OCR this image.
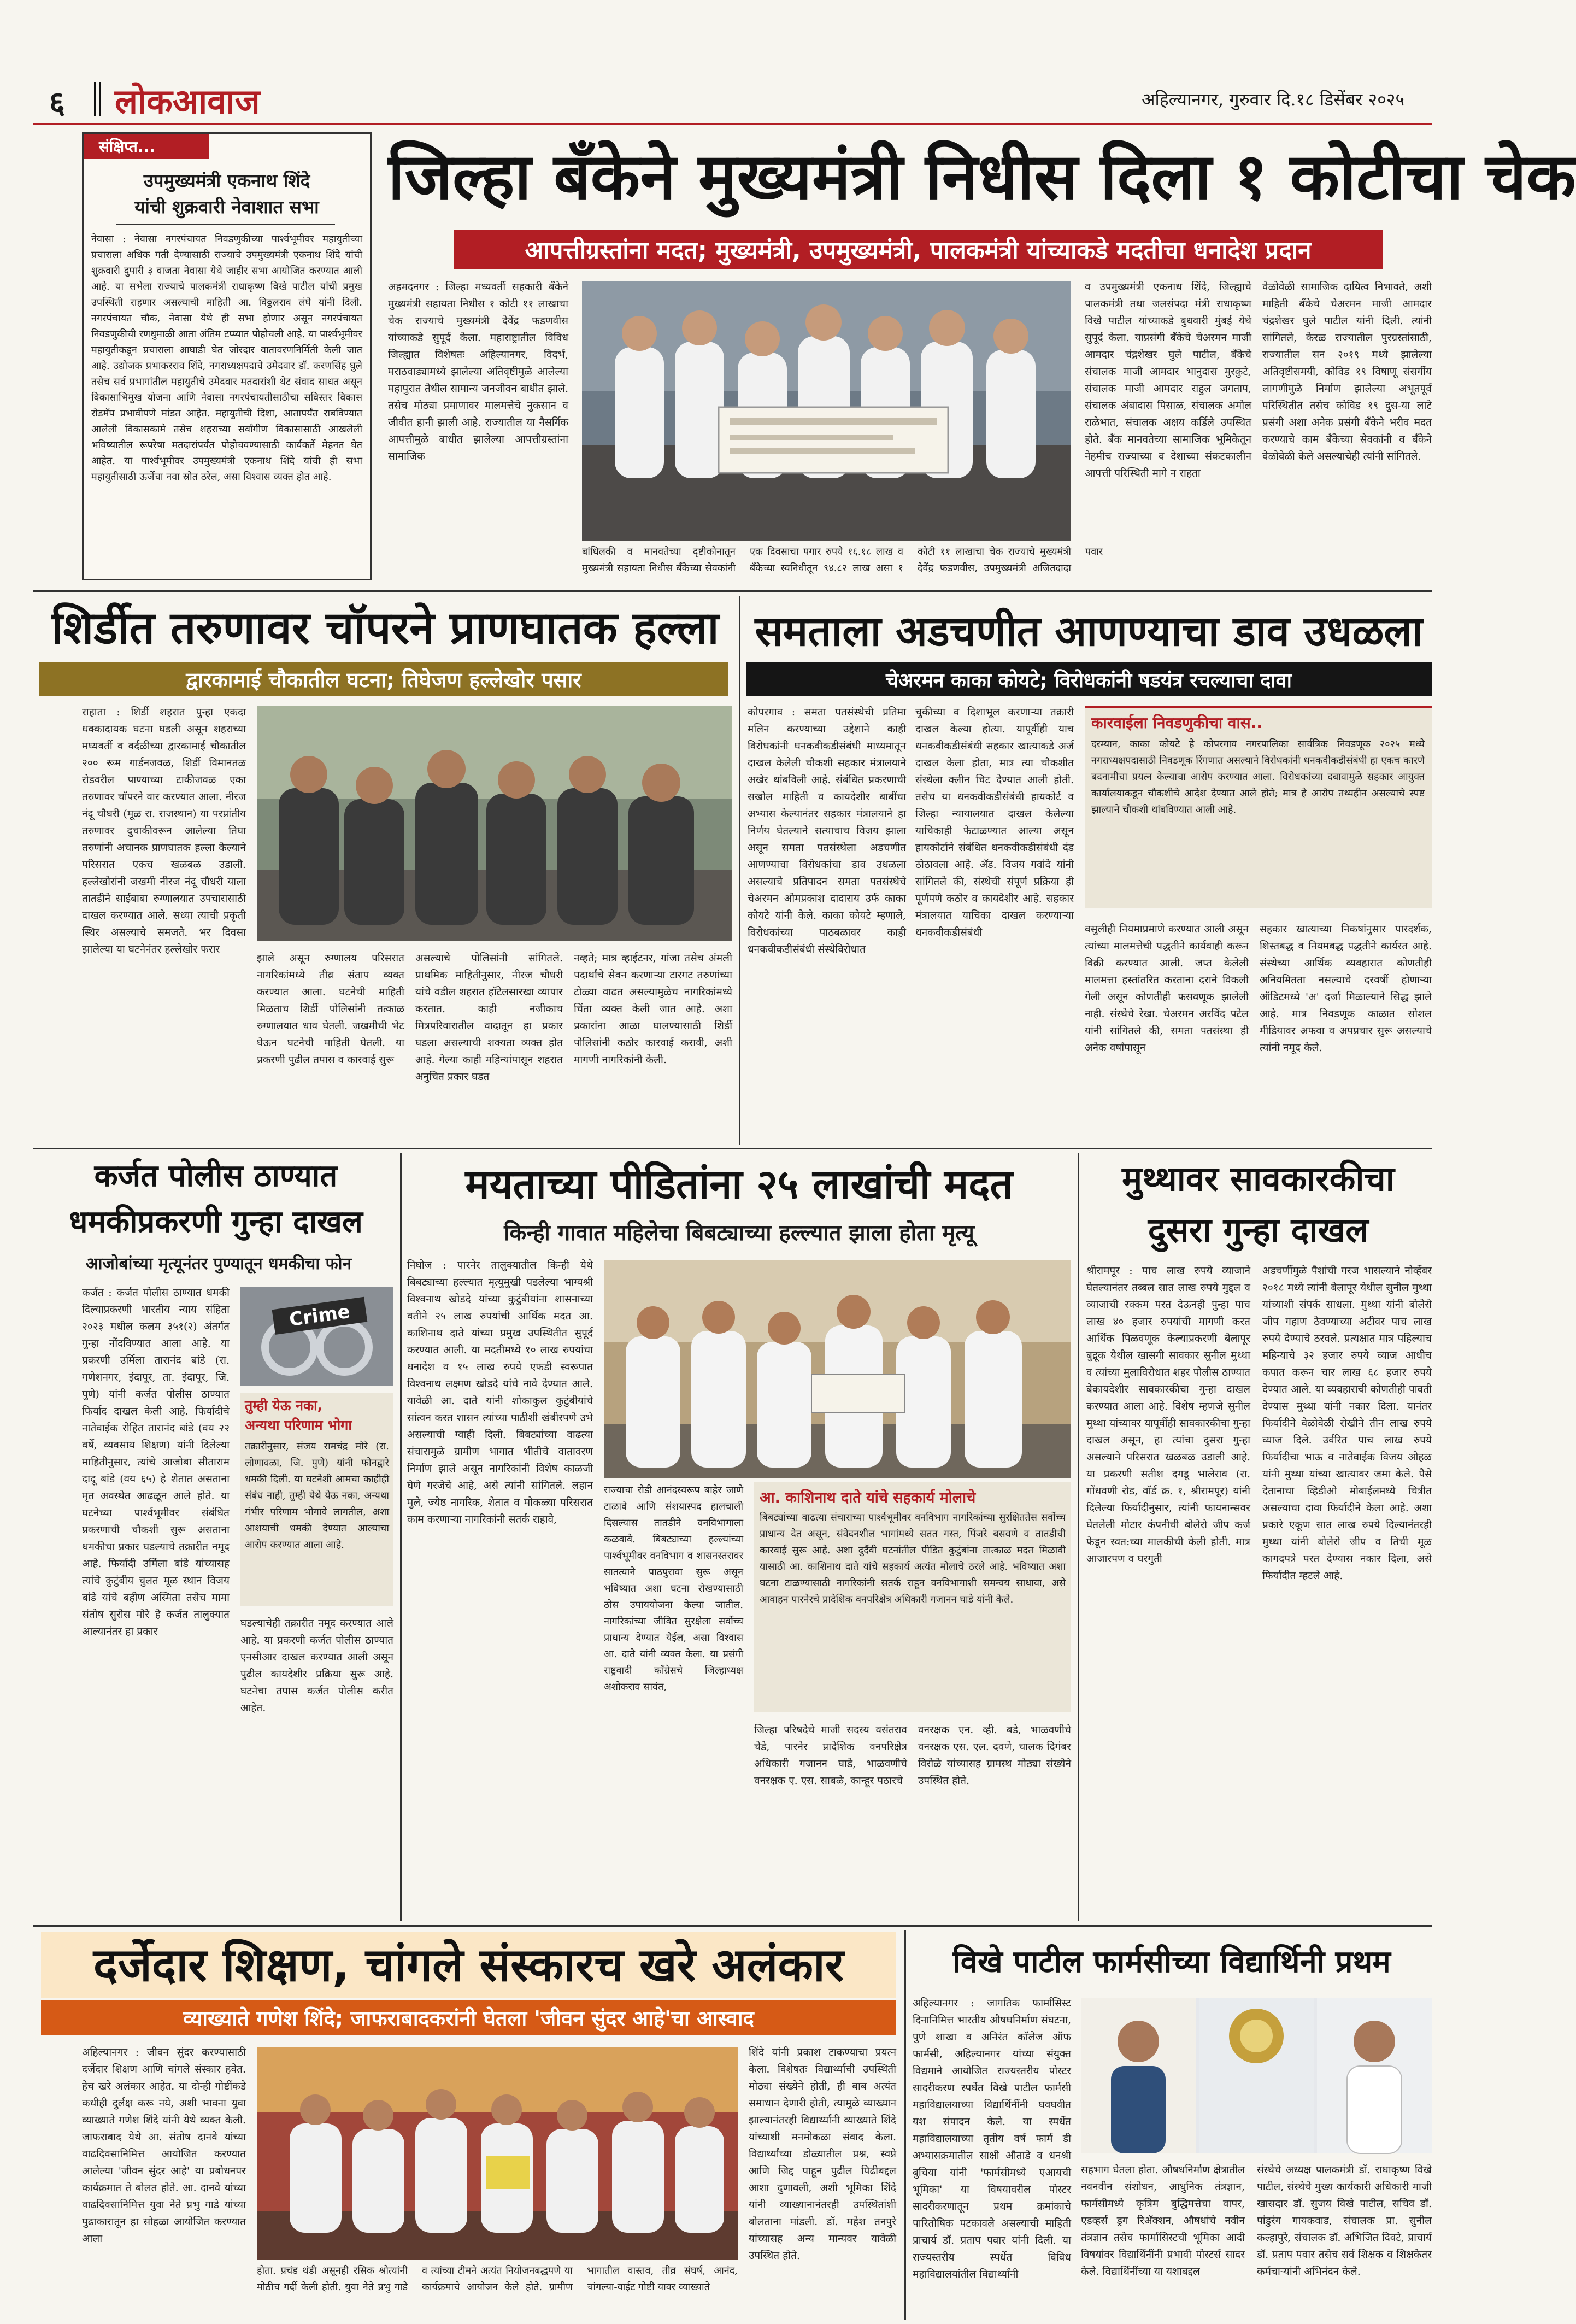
६ लोकआवाज	अहिल्यानगर, गुरुवार दि.१८ डिसेंबर २०२५
संक्षिप्त...
उपमुख्यमंत्री एकनाथ शिंदे
यांची शुक्रवारी नेवाशात सभा
नेवासा : नेवासा नगरपंचायत निवडणुकीच्या पार्श्वभूमीवर महायुतीच्या प्रचाराला अधिक गती देण्यासाठी राज्याचे उपमुख्यमंत्री एकनाथ शिंदे यांची शुक्रवारी दुपारी ३ वाजता नेवासा येथे जाहीर सभा आयोजित करण्यात आली आहे. या सभेला राज्याचे पालकमंत्री राधाकृष्ण विखे पाटील यांची प्रमुख उपस्थिती राहणार असल्याची माहिती आ. विठ्ठलराव लंघे यांनी दिली. नगरपंचायत चौक, नेवासा येथे ही सभा होणार असून नगरपंचायत निवडणुकीची रणधुमाळी आता अंतिम टप्प्यात पोहोचली आहे. या पार्श्वभूमीवर महायुतीकडून प्रचाराला आघाडी घेत जोरदार वातावरणनिर्मिती केली जात आहे. उद्योजक प्रभाकरराव शिंदे, नगराध्यक्षपदाचे उमेदवार डॉ. करणसिंह घुले तसेच सर्व प्रभागांतील महायुतीचे उमेदवार मतदारांशी थेट संवाद साधत असून विकासाभिमुख योजना आणि नेवासा नगरपंचायतीसाठीचा सविस्तर विकास रोडमॅप प्रभावीपणे मांडत आहेत. महायुतीची दिशा, आतापर्यंत राबविण्यात आलेली विकासकामे तसेच शहराच्या सर्वांगीण विकासासाठी आखलेली भविष्यातील रूपरेषा मतदारांपर्यंत पोहोचवण्यासाठी कार्यकर्ते मेहनत घेत आहेत. या पार्श्वभूमीवर उपमुख्यमंत्री एकनाथ शिंदे यांची ही सभा महायुतीसाठी ऊर्जेचा नवा स्रोत ठरेल, असा विश्वास व्यक्त होत आहे.
जिल्हा बँकेने मुख्यमंत्री निधीस दिला १ कोटीचा चेक
आपत्तीग्रस्तांना मदत; मुख्यमंत्री, उपमुख्यमंत्री, पालकमंत्री यांच्याकडे मदतीचा धनादेश प्रदान
अहमदनगर : जिल्हा मध्यवर्ती सहकारी बँकेने मुख्यमंत्री सहायता निधीस १ कोटी ११ लाखाचा चेक राज्याचे मुख्यमंत्री देवेंद्र फडणवीस यांच्याकडे सुपूर्द केला. महाराष्ट्रातील विविध जिल्ह्यात विशेषतः अहिल्यानगर, विदर्भ, मराठवाड्यामध्ये झालेल्या अतिवृष्टीमुळे आलेल्या महापुरात तेथील सामान्य जनजीवन बाधीत झाले. तसेच मोठ्या प्रमाणावर मालमत्तेचे नुकसान व जीवीत हानी झाली आहे. राज्यातील या नैसर्गिक आपत्तीमुळे बाधीत झालेल्या आपत्तीग्रस्तांना सामाजिक
बांधिलकी व मानवतेच्या दृष्टीकोनातून मुख्यमंत्री सहायता निधीस बँकेच्या सेवकांनी एक दिवसाचा पगार रुपये १६.१८ लाख व बँकेच्या स्वनिधीतून ९४.८२ लाख असा १ कोटी ११ लाखाचा चेक राज्याचे मुख्यमंत्री देवेंद्र फडणवीस, उपमुख्यमंत्री अजितदादा पवार
व उपमुख्यमंत्री एकनाथ शिंदे, जिल्ह्याचे पालकमंत्री तथा जलसंपदा मंत्री राधाकृष्ण विखे पाटील यांच्याकडे बुधवारी मुंबई येथे सुपूर्द केला. याप्रसंगी बँकेचे चेअरमन माजी आमदार चंद्रशेखर घुले पाटील, बँकेचे संचालक माजी आमदार भानुदास मुरकुटे, संचालक माजी आमदार राहुल जगताप, संचालक अंबादास पिसाळ, संचालक अमोल राळेभात, संचालक अक्षय कर्डिले उपस्थित होते. बँक मानवतेच्या सामाजिक भूमिकेतून नेहमीच राज्याच्या व देशाच्या संकटकालीन आपत्ती परिस्थिती मागे न राहता
वेळोवेळी सामाजिक दायित्व निभावते, अशी माहिती बँकेचे चेअरमन माजी आमदार चंद्रशेखर घुले पाटील यांनी दिली. त्यांनी सांगितले, केरळ राज्यातील पुरग्रस्तांसाठी, राज्यातील सन २०१९ मध्ये झालेल्या अतिवृष्टीसमयी, कोविड १९ विषाणू संसर्गीय लागणीमुळे निर्माण झालेल्या अभूतपूर्व परिस्थितीत तसेच कोविड १९ दुस-या लाटे प्रसंगी अशा अनेक प्रसंगी बँकेने भरीव मदत करण्याचे काम बँकेच्या सेवकांनी व बँकेने वेळोवेळी केले असल्याचेही त्यांनी सांगितले.
शिर्डीत तरुणावर चॉपरने प्राणघातक हल्ला
द्वारकामाई चौकातील घटना; तिघेजण हल्लेखोर पसार
राहाता : शिर्डी शहरात पुन्हा एकदा धक्कादायक घटना घडली असून शहराच्या मध्यवर्ती व वर्दळीच्या द्वारकामाई चौकातील २०० रूम गार्डनजवळ, शिर्डी विमानतळ रोडवरील पाण्याच्या टाकीजवळ एका तरुणावर चॉपरने वार करण्यात आला. नीरज नंदू चौधरी (मूळ रा. राजस्थान) या परप्रांतीय तरुणावर दुचाकीवरून आलेल्या तिघा तरुणांनी अचानक प्राणघातक हल्ला केल्याने परिसरात एकच खळबळ उडाली. हल्लेखोरांनी जखमी नीरज नंदू चौधरी याला तातडीने साईबाबा रुग्णालयात उपचारासाठी दाखल करण्यात आले. सध्या त्याची प्रकृती स्थिर असल्याचे समजते. भर दिवसा झालेल्या या घटनेनंतर हल्लेखोर फरार
झाले असून रुग्णालय परिसरात नागरिकांमध्ये तीव्र संताप व्यक्त करण्यात आला. घटनेची माहिती मिळताच शिर्डी पोलिसांनी तत्काळ रुग्णालयात धाव घेतली. जखमीची भेट घेऊन घटनेची माहिती घेतली. या प्रकरणी पुढील तपास व कारवाई सुरू
असल्याचे पोलिसांनी सांगितले. प्राथमिक माहितीनुसार, नीरज चौधरी यांचे वडील शहरात हॉटेलसारखा व्यापार करतात. काही नजीकाच मित्रपरिवारातील वादातून हा प्रकार घडला असल्याची शक्यता व्यक्त होत आहे. गेल्या काही महिन्यांपासून शहरात अनुचित प्रकार घडत
नव्हते; मात्र व्हाईटनर, गांजा तसेच अंमली पदार्थांचे सेवन करणाऱ्या टारगट तरुणांच्या टोळ्या वाढत असल्यामुळेच नागरिकांमध्ये चिंता व्यक्त केली जात आहे. अशा प्रकारांना आळा घालण्यासाठी शिर्डी पोलिसांनी कठोर कारवाई करावी, अशी मागणी नागरिकांनी केली.
समताला अडचणीत आणण्याचा डाव उधळला
चेअरमन काका कोयटे; विरोधकांनी षडयंत्र रचल्याचा दावा
कोपरगाव : समता पतसंस्थेची प्रतिमा मलिन करण्याच्या उद्देशाने काही विरोधकांनी धनकवीकडीसंबंधी माध्यमातून दाखल केलेली चौकशी सहकार मंत्रालयाने अखेर थांबविली आहे. संबंधित प्रकरणाची सखोल माहिती व कायदेशीर बाबींचा अभ्यास केल्यानंतर सहकार मंत्रालयाने हा निर्णय घेतल्याने सत्याचाच विजय झाला असून समता पतसंस्थेला अडचणीत आणण्याचा विरोधकांचा डाव उधळला असल्याचे प्रतिपादन समता पतसंस्थेचे चेअरमन ओमप्रकाश दादाराय उर्फ काका कोयटे यांनी केले. काका कोयटे म्हणाले, विरोधकांच्या पाठबळावर काही धनकवीकडीसंबंधी संस्थेविरोधात
चुकीच्या व दिशाभूल करणाऱ्या तक्रारी दाखल केल्या होत्या. यापूर्वीही याच धनकवीकडीसंबंधी सहकार खात्याकडे अर्ज दाखल केला होता, मात्र त्या चौकशीत संस्थेला क्लीन चिट देण्यात आली होती. तसेच या धनकवीकडीसंबंधी हायकोर्ट व जिल्हा न्यायालयात दाखल केलेल्या याचिकाही फेटाळण्यात आल्या असून हायकोर्टाने संबंधित धनकवीकडीसंबंधी दंड ठोठावला आहे. अ‍ॅड. विजय गवांदे यांनी सांगितले की, संस्थेची संपूर्ण प्रक्रिया ही पूर्णपणे कठोर व कायदेशीर आहे. सहकार मंत्रालयात याचिका दाखल करण्याऱ्या धनकवीकडीसंबंधी
कारवाईला निवडणुकीचा वास..
दरम्यान, काका कोयटे हे कोपरगाव नगरपालिका सार्वत्रिक निवडणूक २०२५ मध्ये नगराध्यक्षपदासाठी निवडणूक रिंगणात असल्याने विरोधकांनी धनकवीकडीसंबंधी हा एकच कारणे बदनामीचा प्रयत्न केल्याचा आरोप करण्यात आला. विरोधकांच्या दबावामुळे सहकार आयुक्त कार्यालयाकडून चौकशीचे आदेश देण्यात आले होते; मात्र हे आरोप तथ्यहीन असल्याचे स्पष्ट झाल्याने चौकशी थांबविण्यात आली आहे.
वसुलीही नियमाप्रमाणे करण्यात आली असून त्यांच्या मालमत्तेची पद्धतीने कार्यवाही करून विक्री करण्यात आली. जप्त केलेली मालमत्ता हस्तांतरित करताना दराने विकली गेली असून कोणतीही फसवणूक झालेली नाही. संस्थेचे रेखा. चेअरमन अरविंद पटेल यांनी सांगितले की, समता पतसंस्था ही अनेक वर्षांपासून
सहकार खात्याच्या निकषांनुसार पारदर्शक, शिस्तबद्ध व नियमबद्ध पद्धतीने कार्यरत आहे. संस्थेच्या आर्थिक व्यवहारात कोणतीही अनियमितता नसल्याचे दरवर्षी होणाऱ्या ऑडिटमध्ये 'अ' दर्जा मिळाल्याने सिद्ध झाले आहे. मात्र निवडणूक काळात सोशल मीडियावर अफवा व अपप्रचार सुरू असल्याचे त्यांनी नमूद केले.
कर्जत पोलीस ठाण्यात
धमकीप्रकरणी गुन्हा दाखल
आजोबांच्या मृत्यूनंतर पुण्यातून धमकीचा फोन
कर्जत : कर्जत पोलीस ठाण्यात धमकी दिल्याप्रकरणी भारतीय न्याय संहिता २०२३ मधील कलम ३५१(२) अंतर्गत गुन्हा नोंदविण्यात आला आहे. या प्रकरणी उर्मिला तारानंद बांडे (रा. गणेशनगर, इंदापूर, ता. इंदापूर, जि. पुणे) यांनी कर्जत पोलीस ठाण्यात फिर्याद दाखल केली आहे. फिर्यादीचे नातेवाईक रोहित तारानंद बांडे (वय २२ वर्षे, व्यवसाय शिक्षण) यांनी दिलेल्या माहितीनुसार, त्यांचे आजोबा सीताराम दादू बांडे (वय ६५) हे शेतात असताना मृत अवस्थेत आढळून आले होते. या घटनेच्या पार्श्वभूमीवर संबंधित प्रकरणाची चौकशी सुरू असताना धमकीचा प्रकार घडल्याचे तक्रारीत नमूद आहे. फिर्यादी उर्मिला बांडे यांच्यासह त्यांचे कुटुंबीय चुलत मूळ स्थान विजय बांडे यांचे बहीण अस्मिता तसेच मामा संतोष सुरोस मोरे हे कर्जत तालुक्यात आल्यानंतर हा प्रकार
Crime
तुम्ही येऊ नका,
अन्यथा परिणाम भोगा
तक्रारीनुसार, संजय रामचंद्र मोरे (रा. लोणावळा, जि. पुणे) यांनी फोनद्वारे धमकी दिली. या घटनेशी आमचा काहीही संबंध नाही, तुम्ही येथे येऊ नका, अन्यथा गंभीर परिणाम भोगावे लागतील, अशा आशयाची धमकी देण्यात आल्याचा आरोप करण्यात आला आहे.
घडल्याचेही तक्रारीत नमूद करण्यात आले आहे. या प्रकरणी कर्जत पोलीस ठाण्यात एनसीआर दाखल करण्यात आली असून पुढील कायदेशीर प्रक्रिया सुरू आहे. घटनेचा तपास कर्जत पोलीस करीत आहेत.
मयताच्या पीडितांना २५ लाखांची मदत
किन्ही गावात महिलेचा बिबट्याच्या हल्ल्यात झाला होता मृत्यू
निघोज : पारनेर तालुक्यातील किन्ही येथे बिबट्याच्या हल्ल्यात मृत्युमुखी पडलेल्या भाग्यश्री विश्वनाथ खोडदे यांच्या कुटुंबीयांना शासनाच्या वतीने २५ लाख रुपयांची आर्थिक मदत आ. काशिनाथ दाते यांच्या प्रमुख उपस्थितीत सुपूर्द करण्यात आली. या मदतीमध्ये १० लाख रुपयांचा धनादेश व १५ लाख रुपये एफडी स्वरूपात विश्वनाथ लक्ष्मण खोडदे यांचे नावे देण्यात आले. यावेळी आ. दाते यांनी शोकाकुल कुटुंबीयांचे सांत्वन करत शासन त्यांच्या पाठीशी खंबीरपणे उभे असल्याची ग्वाही दिली. बिबट्यांच्या वाढत्या संचारामुळे ग्रामीण भागात भीतीचे वातावरण निर्माण झाले असून नागरिकांनी विशेष काळजी घेणे गरजेचे आहे, असे त्यांनी सांगितले. लहान मुले, ज्येष्ठ नागरिक, शेतात व मोकळ्या परिसरात काम करणाऱ्या नागरिकांनी सतर्क राहावे,
राज्याचा रोडी आनंदस्वरूप बाहेर जाणे टाळावे आणि संशयास्पद हालचाली दिसल्यास तातडीने वनविभागाला कळवावे. बिबट्याच्या हल्ल्यांच्या पार्श्वभूमीवर वनविभाग व शासनस्तरावर सातत्याने पाठपुरावा सुरू असून भविष्यात अशा घटना रोखण्यासाठी ठोस उपाययोजना केल्या जातील. नागरिकांच्या जीवित सुरक्षेला सर्वोच्च प्राधान्य देण्यात येईल, असा विश्वास आ. दाते यांनी व्यक्त केला. या प्रसंगी राष्ट्रवादी काँग्रेसचे जिल्हाध्यक्ष अशोकराव सावंत,
आ. काशिनाथ दाते यांचे सहकार्य मोलाचे
बिबट्यांच्या वाढत्या संचाराच्या पार्श्वभूमीवर वनविभाग नागरिकांच्या सुरक्षिततेस सर्वोच्च प्राधान्य देत असून, संवेदनशील भागांमध्ये सतत गस्त, पिंजरे बसवणे व तातडीची कारवाई सुरू आहे. अशा दुर्दैवी घटनांतील पीडित कुटुंबांना तात्काळ मदत मिळावी यासाठी आ. काशिनाथ दाते यांचे सहकार्य अत्यंत मोलाचे ठरले आहे. भविष्यात अशा घटना टाळण्यासाठी नागरिकांनी सतर्क राहून वनविभागाशी समन्वय साधावा, असे आवाहन पारनेरचे प्रादेशिक वनपरिक्षेत्र अधिकारी गजानन घाडे यांनी केले.
जिल्हा परिषदेचे माजी सदस्य वसंतराव चेडे, पारनेर प्रादेशिक वनपरिक्षेत्र अधिकारी गजानन घाडे, भाळवणीचे वनरक्षक ए. एस. साबळे, कान्हूर पठारचे
वनरक्षक एन. व्ही. बडे, भाळवणीचे वनरक्षक एस. एल. दवणे, चालक दिगंबर विरोळे यांच्यासह ग्रामस्थ मोठ्या संख्येने उपस्थित होते.
मुथ्थावर सावकारकीचा
दुसरा गुन्हा दाखल
श्रीरामपूर : पाच लाख रुपये व्याजाने घेतल्यानंतर तब्बल सात लाख रुपये मुद्दल व व्याजाची रक्कम परत देऊनही पुन्हा पाच लाख ४० हजार रुपयांची मागणी करत आर्थिक पिळवणूक केल्याप्रकरणी बेलापूर बुद्रूक येथील खासगी सावकार सुनील मुथ्था व त्यांच्या मुलाविरोधात शहर पोलीस ठाण्यात बेकायदेशीर सावकारकीचा गुन्हा दाखल करण्यात आला आहे. विशेष म्हणजे सुनील मुथ्था यांच्यावर यापूर्वीही सावकारकीचा गुन्हा दाखल असून, हा त्यांचा दुसरा गुन्हा असल्याने परिसरात खळबळ उडाली आहे. या प्रकरणी सतीश दगडू भालेराव (रा. गोंधवणी रोड, वॉर्ड क्र. १, श्रीरामपूर) यांनी दिलेल्या फिर्यादीनुसार, त्यांनी फायनान्सवर घेतलेली मोटार कंपनीची बोलेरो जीप कर्ज फेडून स्वत:च्या मालकीची केली होती. मात्र आजारपण व घरगुती
अडचणींमुळे पैशांची गरज भासल्याने नोव्हेंबर २०१८ मध्ये त्यांनी बेलापूर येथील सुनील मुथ्था यांच्याशी संपर्क साधला. मुथ्था यांनी बोलेरो जीप गहाण ठेवण्याच्या अटीवर पाच लाख रुपये देण्याचे ठरवले. प्रत्यक्षात मात्र पहिल्याच महिन्याचे ३२ हजार रुपये व्याज आधीच कपात करून चार लाख ६८ हजार रुपये देण्यात आले. या व्यवहाराची कोणतीही पावती देण्यास मुथ्था यांनी नकार दिला. यानंतर फिर्यादीने वेळोवेळी रोखीने तीन लाख रुपये व्याज दिले. उर्वरित पाच लाख रुपये फिर्यादीचा भाऊ व नातेवाईक विजय ओहळ यांनी मुथ्था यांच्या खात्यावर जमा केले. पैसे देतानाचा व्हिडीओ मोबाईलमध्ये चित्रीत असल्याचा दावा फिर्यादीने केला आहे. अशा प्रकारे एकूण सात लाख रुपये दिल्यानंतरही मुथ्था यांनी बोलेरो जीप व तिची मूळ कागदपत्रे परत देण्यास नकार दिला, असे फिर्यादीत म्हटले आहे.
दर्जेदार शिक्षण, चांगले संस्कारच खरे अलंकार
व्याख्याते गणेश शिंदे; जाफराबादकरांनी घेतला 'जीवन सुंदर आहे'चा आस्वाद
अहिल्यानगर : जीवन सुंदर करण्यासाठी दर्जेदार शिक्षण आणि चांगले संस्कार हवेत. हेच खरे अलंकार आहेत. या दोन्ही गोष्टींकडे कधीही दुर्लक्ष करू नये, अशी भावना युवा व्याख्याते गणेश शिंदे यांनी येथे व्यक्त केली. जाफराबाद येथे आ. संतोष दानवे यांच्या वाढदिवसानिमित्त आयोजित करण्यात आलेल्या 'जीवन सुंदर आहे' या प्रबोधनपर कार्यक्रमात ते बोलत होते. आ. दानवे यांच्या वाढदिवसानिमित्त युवा नेते प्रभु गाडे यांच्या पुढाकारातून हा सोहळा आयोजित करण्यात आला
होता. प्रचंड थंडी असूनही रसिक श्रोत्यांनी मोठीच गर्दी केली होती. युवा नेते प्रभु गाडे व त्यांच्या टीमने अत्यंत नियोजनबद्धपणे या कार्यक्रमाचे आयोजन केले होते. ग्रामीण भागातील वास्तव, तीव्र संघर्ष, आनंद, चांगल्या-वाईट गोष्टी यावर व्याख्याते
शिंदे यांनी प्रकाश टाकण्याचा प्रयत्न केला. विशेषतः विद्यार्थ्यांची उपस्थिती मोठ्या संख्येने होती, ही बाब अत्यंत समाधान देणारी होती, त्यामुळे व्याख्यान झाल्यानंतरही विद्यार्थ्यांनी व्याख्याते शिंदे यांच्याशी मनमोकळा संवाद केला. विद्यार्थ्यांच्या डोळ्यातील प्रश्न, स्वप्ने आणि जिद्द पाहून पुढील पिढीबद्दल आशा दुणावली, अशी भूमिका शिंदे यांनी व्याख्यानानंतरही उपस्थितांशी बोलताना मांडली. डॉ. महेश तनपुरे यांच्यासह अन्य मान्यवर यावेळी उपस्थित होते.
विखे पाटील फार्मसीच्या विद्यार्थिनी प्रथम
अहिल्यानगर : जागतिक फार्मासिस्ट दिनानिमित्त भारतीय औषधनिर्माण संघटना, पुणे शाखा व अनिरंत कॉलेज ऑफ फार्मसी, अहिल्यानगर यांच्या संयुक्त विद्यमाने आयोजित राज्यस्तरीय पोस्टर सादरीकरण स्पर्धेत विखे पाटील फार्मसी महाविद्यालयाच्या विद्यार्थिनींनी घवघवीत यश संपादन केले. या स्पर्धेत महाविद्यालयाच्या तृतीय वर्ष फार्म डी अभ्यासक्रमातील साक्षी औताडे व धनश्री बुचिया यांनी 'फार्मसीमध्ये एआयची भूमिका' या विषयावरील पोस्टर सादरीकरणातून प्रथम क्रमांकाचे पारितोषिक पटकावले असल्याची माहिती प्राचार्य डॉ. प्रताप पवार यांनी दिली. या राज्यस्तरीय स्पर्धेत विविध महाविद्यालयांतील विद्यार्थ्यांनी
सहभाग घेतला होता. औषधनिर्माण क्षेत्रातील नवनवीन संशोधन, आधुनिक तंत्रज्ञान, फार्मसीमध्ये कृत्रिम बुद्धिमत्तेचा वापर, एडव्हर्स ड्रग रिअ‍ॅक्शन, औषधांचे नवीन तंत्रज्ञान तसेच फार्मासिस्टची भूमिका आदी विषयांवर विद्यार्थिनींनी प्रभावी पोस्टर्स सादर केले. विद्यार्थिनींच्या या यशाबद्दल
संस्थेचे अध्यक्ष पालकमंत्री डॉ. राधाकृष्ण विखे पाटील, संस्थेचे मुख्य कार्यकारी अधिकारी माजी खासदार डॉ. सुजय विखे पाटील, सचिव डॉ. पांडुरंग गायकवाड, संचालक प्रा. सुनील कल्हापुरे, संचालक डॉ. अभिजित दिवटे, प्राचार्य डॉ. प्रताप पवार तसेच सर्व शिक्षक व शिक्षकेतर कर्मचाऱ्यांनी अभिनंदन केले.
